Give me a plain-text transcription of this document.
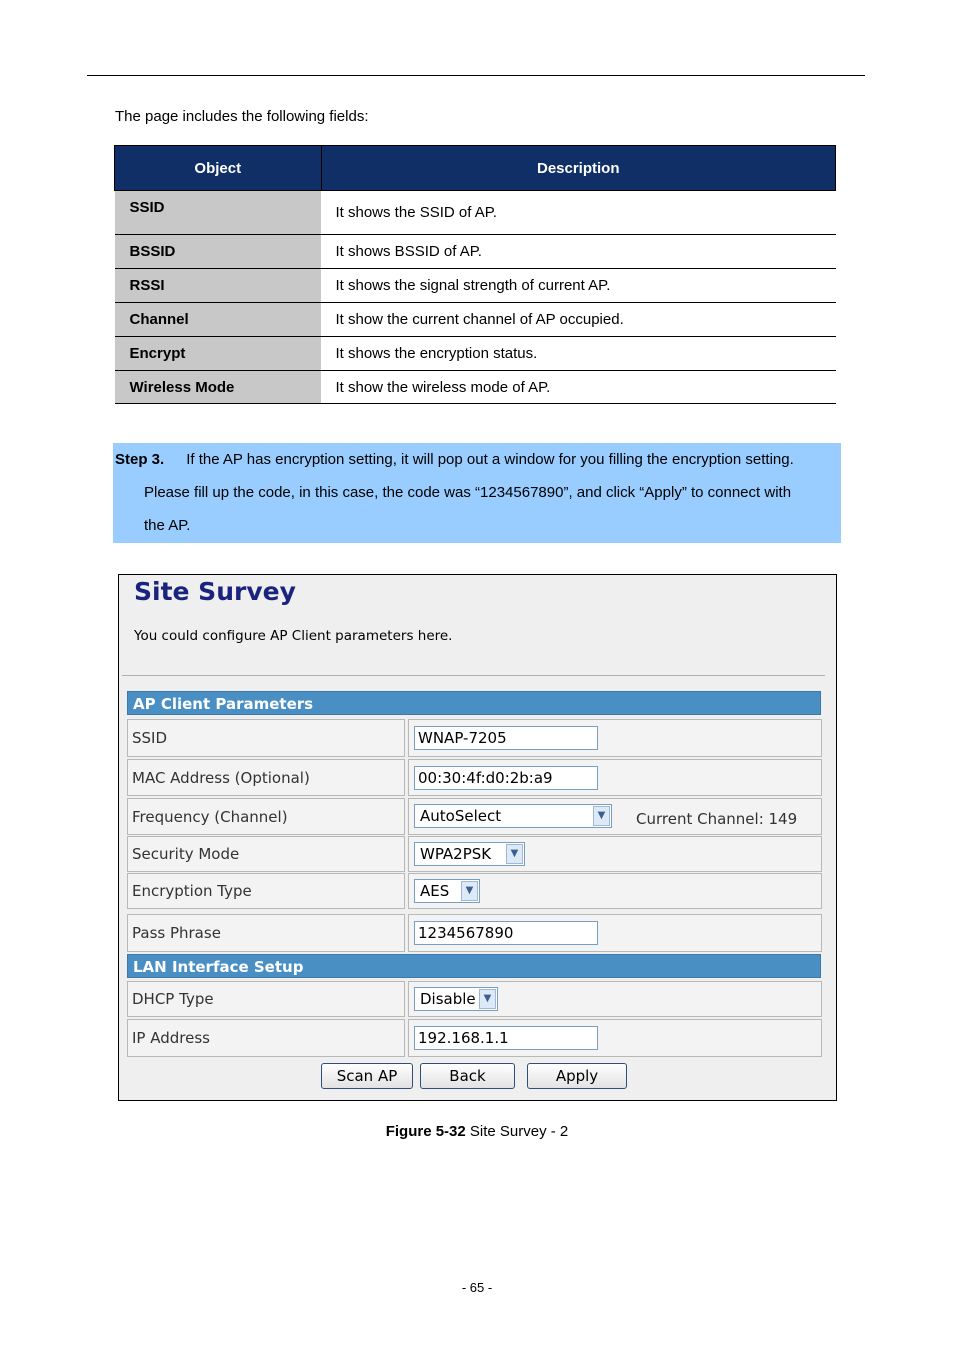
The page includes the following fields:
Object	Description
SSID	It shows the SSID of AP.
BSSID	It shows BSSID of AP.
RSSI	It shows the signal strength of current AP.
Channel	It show the current channel of AP occupied.
Encrypt	It shows the encryption status.
Wireless Mode	It show the wireless mode of AP.
Step 3. If the AP has encryption setting, it will pop out a window for you filling the encryption setting.
Please fill up the code, in this case, the code was “1234567890”, and click “Apply” to connect with
the AP.
Site Survey
You could configure AP Client parameters here.
AP Client Parameters
SSID	WNAP-7205
MAC Address (Optional)	00:30:4f:d0:2b:a9
Frequency (Channel)	AutoSelect	▼	Current Channel: 149
Security Mode	WPA2PSK	▼
Encryption Type	AES	▼
Pass Phrase	1234567890
LAN Interface Setup
DHCP Type	Disable ▼
IP Address	192.168.1.1
Scan AP	Back	Apply
Figure 5-32 Site Survey - 2
- 65 -
